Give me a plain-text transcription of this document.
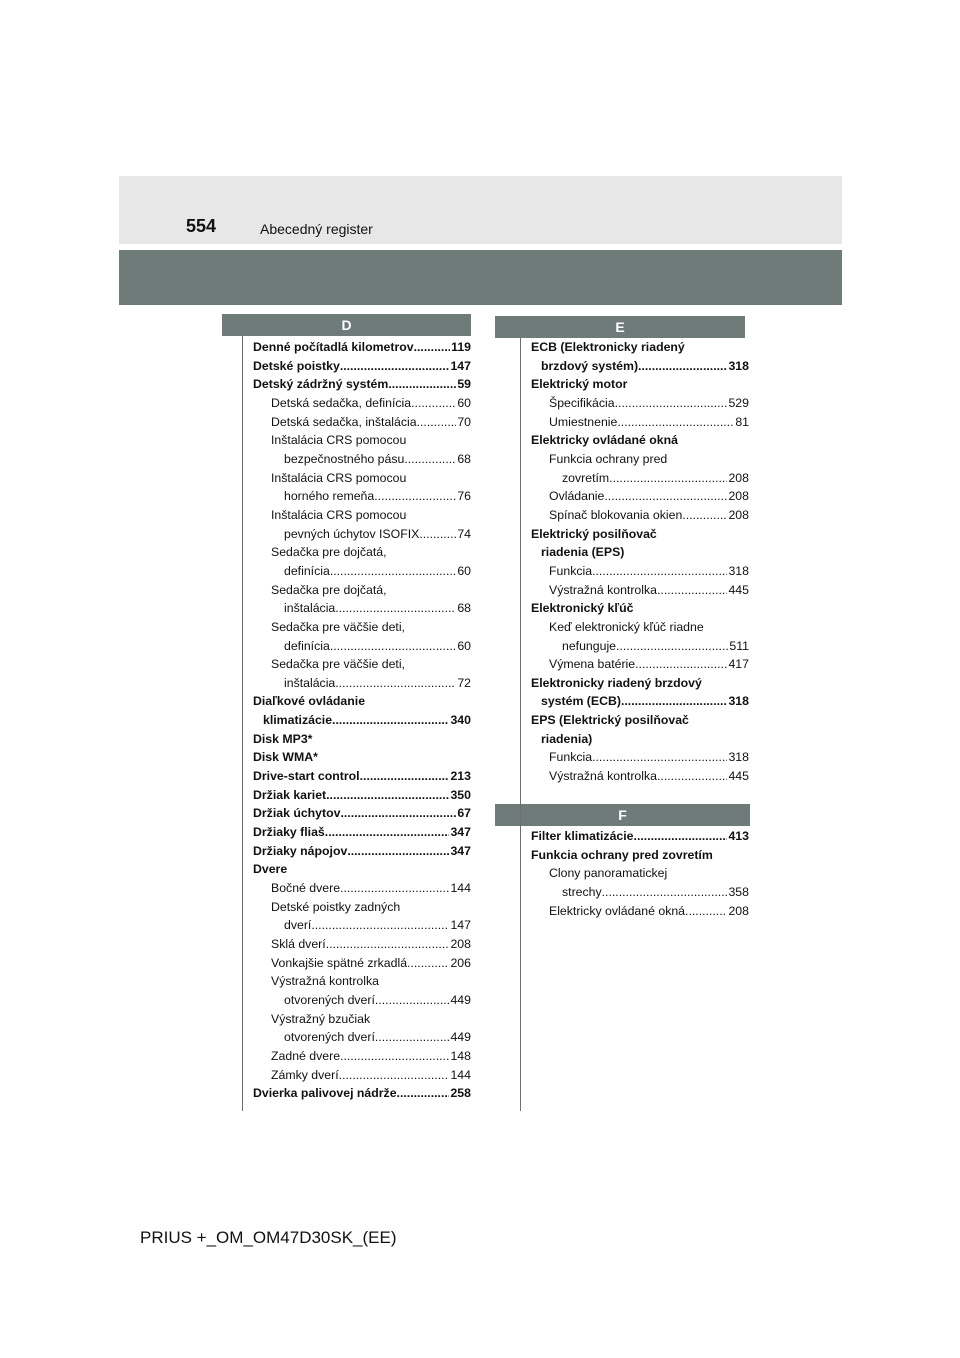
554	Abecedný register
D	E
F
Denné počítadlá kilometrov .....	119
Detské poistky .....	147
Detský zádržný systém .....	59
Detská sedačka, definícia .....	60
Detská sedačka, inštalácia .....	70
Inštalácia CRS pomocou
bezpečnostného pásu .....	68
Inštalácia CRS pomocou
horného remeňa .....	76
Inštalácia CRS pomocou
pevných úchytov ISOFIX .....	74
Sedačka pre dojčatá,
definícia .....	60
Sedačka pre dojčatá,
inštalácia .....	68
Sedačka pre väčšie deti,
definícia .....	60
Sedačka pre väčšie deti,
inštalácia .....	72
Diaľkové ovládanie
klimatizácie .....	340
Disk MP3*
Disk WMA*
Drive-start control .....	213
Držiak kariet .....	350
Držiak úchytov .....	67
Držiaky fliaš .....	347
Držiaky nápojov .....	347
Dvere
Bočné dvere .....	144
Detské poistky zadných
dverí .....	147
Sklá dverí .....	208
Vonkajšie spätné zrkadlá .....	206
Výstražná kontrolka
otvorených dverí .....	449
Výstražný bzučiak
otvorených dverí .....	449
Zadné dvere .....	148
Zámky dverí .....	144
Dvierka palivovej nádrže .....	258
ECB (Elektronicky riadený
brzdový systém) .....	318
Elektrický motor
Špecifikácia .....	529
Umiestnenie .....	81
Elektricky ovládané okná
Funkcia ochrany pred
zovretím .....	208
Ovládanie .....	208
Spínač blokovania okien .....	208
Elektrický posilňovač
riadenia (EPS)
Funkcia .....	318
Výstražná kontrolka .....	445
Elektronický kľúč
Keď elektronický kľúč riadne
nefunguje .....	511
Výmena batérie .....	417
Elektronicky riadený brzdový
systém (ECB) .....	318
EPS (Elektrický posilňovač
riadenia)
Funkcia .....	318
Výstražná kontrolka .....	445
Filter klimatizácie .....	413
Funkcia ochrany pred zovretím
Clony panoramatickej
strechy .....	358
Elektricky ovládané okná .....	208
PRIUS +_OM_OM47D30SK_(EE)
